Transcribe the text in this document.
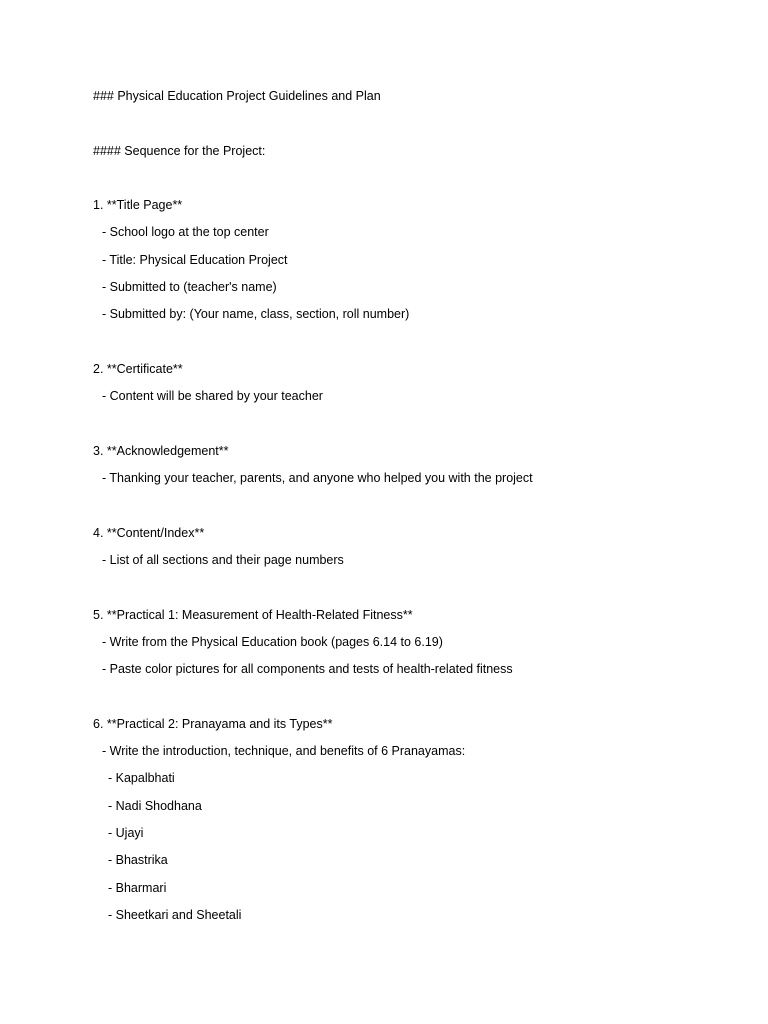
### Physical Education Project Guidelines and Plan
#### Sequence for the Project:
1. **Title Page**
- School logo at the top center
- Title: Physical Education Project
- Submitted to (teacher's name)
- Submitted by: (Your name, class, section, roll number)
2. **Certificate**
- Content will be shared by your teacher
3. **Acknowledgement**
- Thanking your teacher, parents, and anyone who helped you with the project
4. **Content/Index**
- List of all sections and their page numbers
5. **Practical 1: Measurement of Health-Related Fitness**
- Write from the Physical Education book (pages 6.14 to 6.19)
- Paste color pictures for all components and tests of health-related fitness
6. **Practical 2: Pranayama and its Types**
- Write the introduction, technique, and benefits of 6 Pranayamas:
- Kapalbhati
- Nadi Shodhana
- Ujayi
- Bhastrika
- Bharmari
- Sheetkari and Sheetali
